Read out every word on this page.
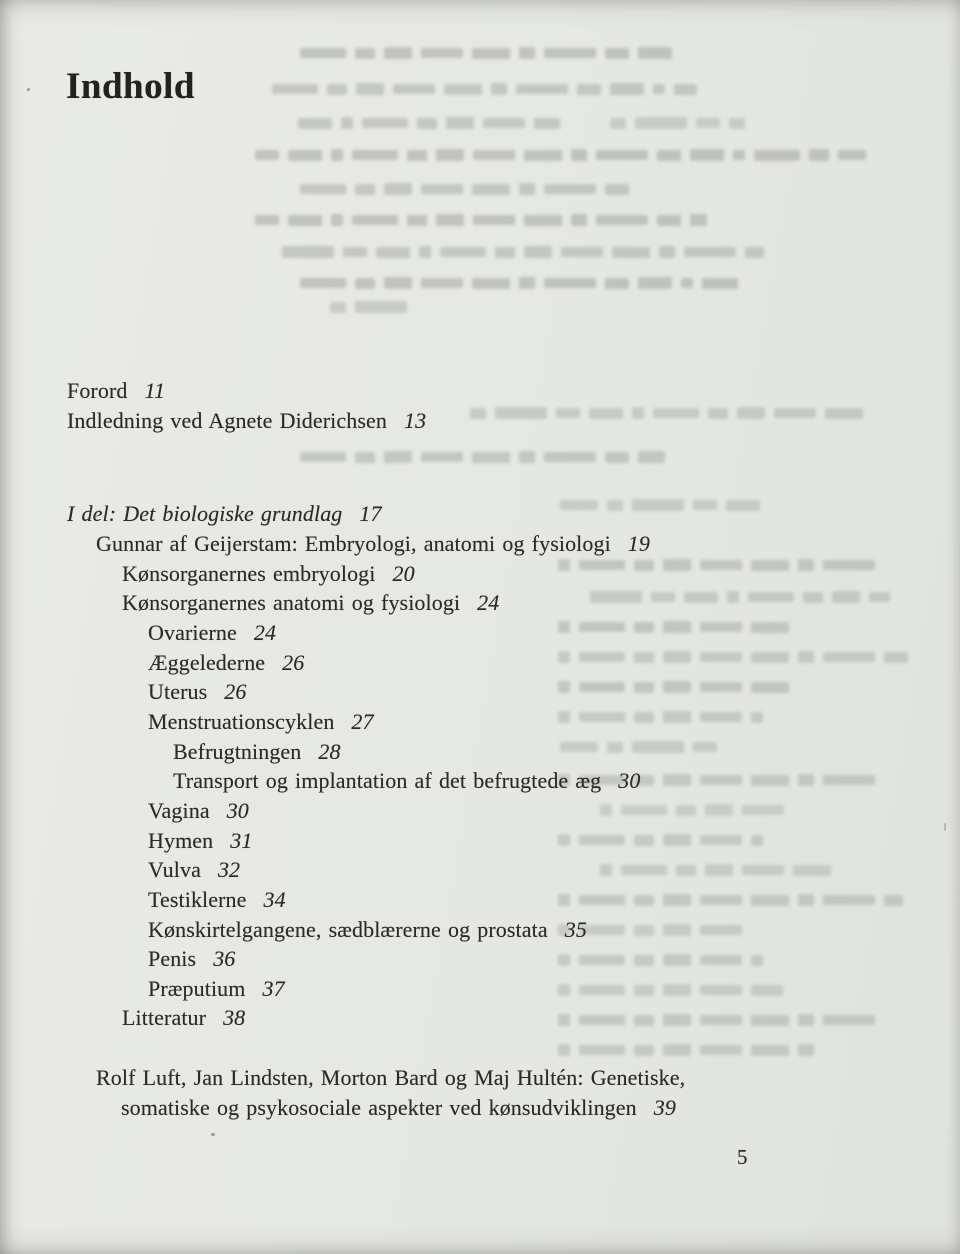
Indhold
Forord 11
Indledning ved Agnete Diderichsen 13
I del: Det biologiske grundlag 17
Gunnar af Geijerstam: Embryologi, anatomi og fysiologi 19
Kønsorganernes embryologi 20
Kønsorganernes anatomi og fysiologi 24
Ovarierne 24
Æggelederne 26
Uterus 26
Menstruationscyklen 27
Befrugtningen 28
Transport og implantation af det befrugtede æg 30
Vagina 30
Hymen 31
Vulva 32
Testiklerne 34
Kønskirtelgangene, sædblærerne og prostata 35
Penis 36
Præputium 37
Litteratur 38
Rolf Luft, Jan Lindsten, Morton Bard og Maj Hultén: Genetiske,
somatiske og psykosociale aspekter ved kønsudviklingen 39
5
